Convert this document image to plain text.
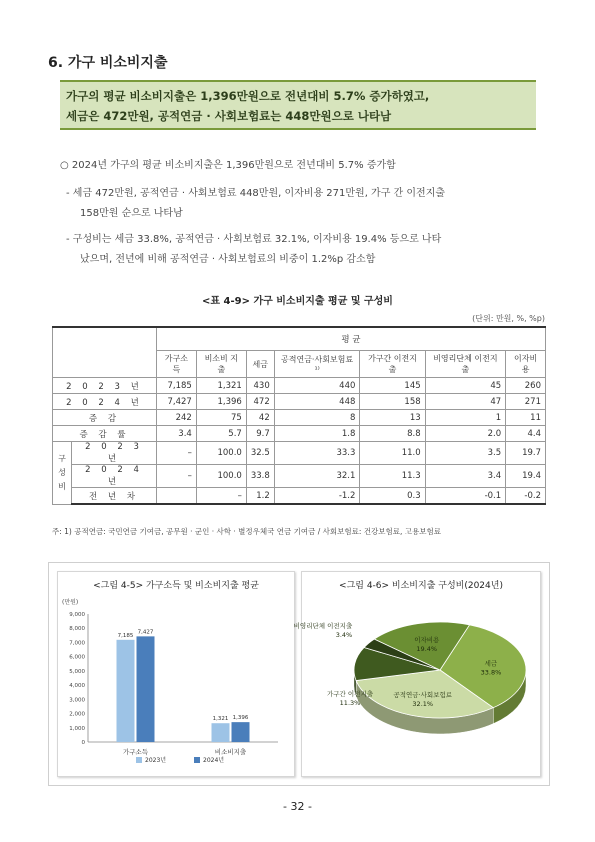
6. 가구 비소비지출
가구의 평균 비소비지출은 1,396만원으로 전년대비 5.7% 증가하였고,
세금은 472만원, 공적연금 · 사회보험료는 448만원으로 나타남
○ 2024년 가구의 평균 비소비지출은 1,396만원으로 전년대비 5.7% 증가함
- 세금 472만원, 공적연금 · 사회보험료 448만원, 이자비용 271만원, 가구 간 이전지출
158만원 순으로 나타남
- 구성비는 세금 33.8%, 공적연금 · 사회보험료 32.1%, 이자비용 19.4% 등으로 나타
났으며, 전년에 비해 공적연금 · 사회보험료의 비중이 1.2%p 감소함
<표 4-9> 가구 비소비지출 평균 및 구성비
(단위: 만원, %, %p)
		평 균						
		가구소득	비소비 지출	세금	공적연금·사회보험료¹⁾	가구간 이전지출	비영리단체 이전지출	이자비용
2 0 2 3 년		7,185	1,321	430	440	145	45	260
2 0 2 4 년		7,427	1,396	472	448	158	47	271
증 감		242	75	42	8	13	1	11
증 감 률		3.4	5.7	9.7	1.8	8.8	2.0	4.4
구 성 비	2 0 2 3 년	–	100.0	32.5	33.3	11.0	3.5	19.7
	2 0 2 4 년	–	100.0	33.8	32.1	11.3	3.4	19.4
	전 년 차		–	1.2	-1.2	0.3	-0.1	-0.2
주: 1) 공적연금: 국민연금 기여금, 공무원 · 군인 · 사학 · 별정우체국 연금 기여금 / 사회보험료: 건강보험료, 고용보험료
<그림 4-5> 가구소득 및 비소비지출 평균
(만원)
0
1,000
2,000
3,000
4,000
5,000
6,000
7,000
8,000
9,000
7,185
7,427
가구소득
1,321 1,396
비소비지출
2023년	2024년
<그림 4-6> 비소비지출 구성비(2024년)
세금
33.8%
공적연금·사회보험료
32.1%
가구간 이전지출
11.3%
비영리단체 이전지출
3.4%
이자비용
19.4%
- 32 -
